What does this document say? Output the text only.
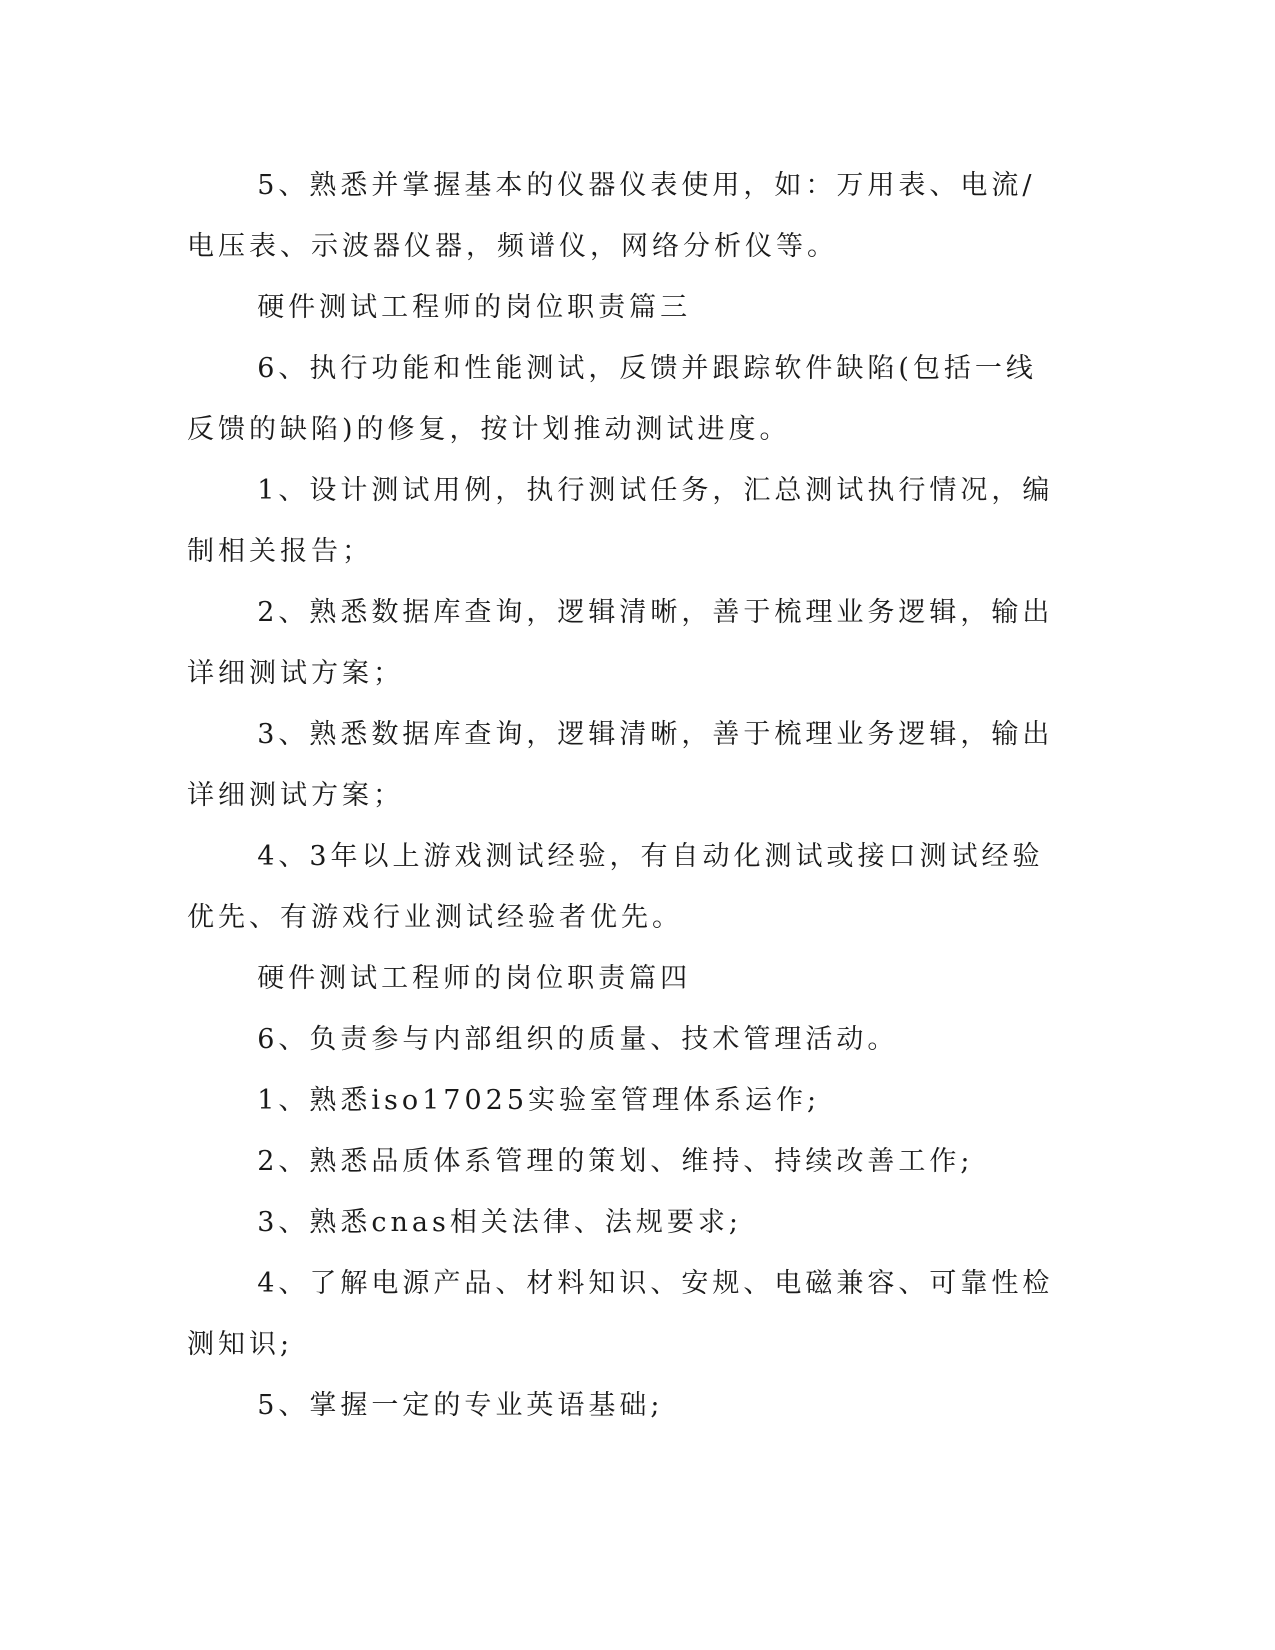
5、熟悉并掌握基本的仪器仪表使用，如：万用表、电流/电压表、示波器仪器，频谱仪，网络分析仪等。

硬件测试工程师的岗位职责篇三

6、执行功能和性能测试，反馈并跟踪软件缺陷(包括一线反馈的缺陷)的修复，按计划推动测试进度。

1、设计测试用例，执行测试任务，汇总测试执行情况，编制相关报告；

2、熟悉数据库查询，逻辑清晰，善于梳理业务逻辑，输出详细测试方案；

3、熟悉数据库查询，逻辑清晰，善于梳理业务逻辑，输出详细测试方案；

4、3年以上游戏测试经验，有自动化测试或接口测试经验优先、有游戏行业测试经验者优先。

硬件测试工程师的岗位职责篇四

6、负责参与内部组织的质量、技术管理活动。

1、熟悉iso17025实验室管理体系运作;

2、熟悉品质体系管理的策划、维持、持续改善工作;

3、熟悉cnas相关法律、法规要求;

4、了解电源产品、材料知识、安规、电磁兼容、可靠性检测知识;

5、掌握一定的专业英语基础;
